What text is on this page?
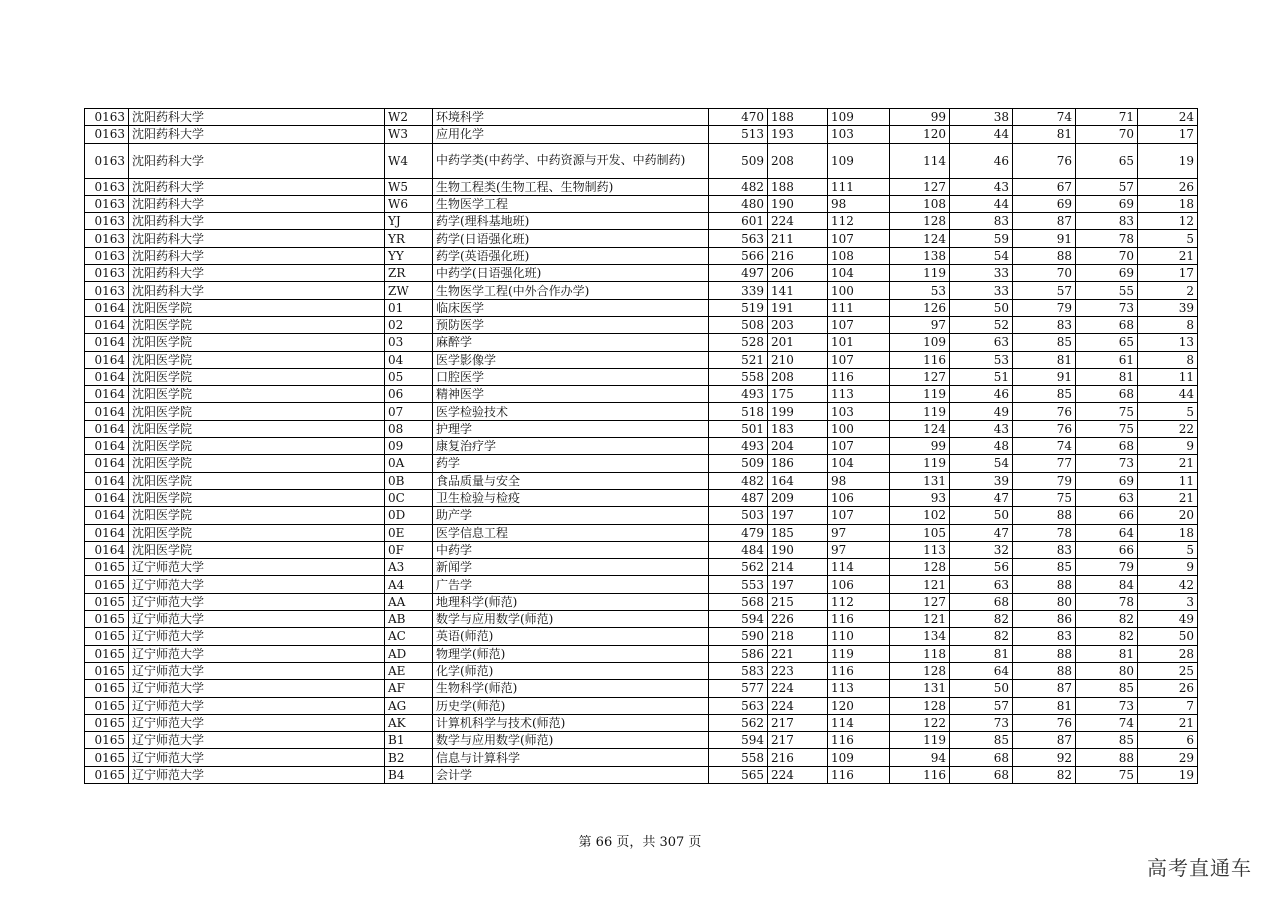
0163	沈阳药科大学	W2	环境科学	470	188	109	99	38	74	71	24
0163	沈阳药科大学	W3	应用化学	513	193	103	120	44	81	70	17
0163	沈阳药科大学	W4	中药学类(中药学、中药资源与开发、中药制药)	509	208	109	114	46	76	65	19
0163	沈阳药科大学	W5	生物工程类(生物工程、生物制药)	482	188	111	127	43	67	57	26
0163	沈阳药科大学	W6	生物医学工程	480	190	98	108	44	69	69	18
0163	沈阳药科大学	YJ	药学(理科基地班)	601	224	112	128	83	87	83	12
0163	沈阳药科大学	YR	药学(日语强化班)	563	211	107	124	59	91	78	5
0163	沈阳药科大学	YY	药学(英语强化班)	566	216	108	138	54	88	70	21
0163	沈阳药科大学	ZR	中药学(日语强化班)	497	206	104	119	33	70	69	17
0163	沈阳药科大学	ZW	生物医学工程(中外合作办学)	339	141	100	53	33	57	55	2
0164	沈阳医学院	01	临床医学	519	191	111	126	50	79	73	39
0164	沈阳医学院	02	预防医学	508	203	107	97	52	83	68	8
0164	沈阳医学院	03	麻醉学	528	201	101	109	63	85	65	13
0164	沈阳医学院	04	医学影像学	521	210	107	116	53	81	61	8
0164	沈阳医学院	05	口腔医学	558	208	116	127	51	91	81	11
0164	沈阳医学院	06	精神医学	493	175	113	119	46	85	68	44
0164	沈阳医学院	07	医学检验技术	518	199	103	119	49	76	75	5
0164	沈阳医学院	08	护理学	501	183	100	124	43	76	75	22
0164	沈阳医学院	09	康复治疗学	493	204	107	99	48	74	68	9
0164	沈阳医学院	0A	药学	509	186	104	119	54	77	73	21
0164	沈阳医学院	0B	食品质量与安全	482	164	98	131	39	79	69	11
0164	沈阳医学院	0C	卫生检验与检疫	487	209	106	93	47	75	63	21
0164	沈阳医学院	0D	助产学	503	197	107	102	50	88	66	20
0164	沈阳医学院	0E	医学信息工程	479	185	97	105	47	78	64	18
0164	沈阳医学院	0F	中药学	484	190	97	113	32	83	66	5
0165	辽宁师范大学	A3	新闻学	562	214	114	128	56	85	79	9
0165	辽宁师范大学	A4	广告学	553	197	106	121	63	88	84	42
0165	辽宁师范大学	AA	地理科学(师范)	568	215	112	127	68	80	78	3
0165	辽宁师范大学	AB	数学与应用数学(师范)	594	226	116	121	82	86	82	49
0165	辽宁师范大学	AC	英语(师范)	590	218	110	134	82	83	82	50
0165	辽宁师范大学	AD	物理学(师范)	586	221	119	118	81	88	81	28
0165	辽宁师范大学	AE	化学(师范)	583	223	116	128	64	88	80	25
0165	辽宁师范大学	AF	生物科学(师范)	577	224	113	131	50	87	85	26
0165	辽宁师范大学	AG	历史学(师范)	563	224	120	128	57	81	73	7
0165	辽宁师范大学	AK	计算机科学与技术(师范)	562	217	114	122	73	76	74	21
0165	辽宁师范大学	B1	数学与应用数学(师范)	594	217	116	119	85	87	85	6
0165	辽宁师范大学	B2	信息与计算科学	558	216	109	94	68	92	88	29
0165	辽宁师范大学	B4	会计学	565	224	116	116	68	82	75	19
第 66 页，共 307 页
高考直通车
